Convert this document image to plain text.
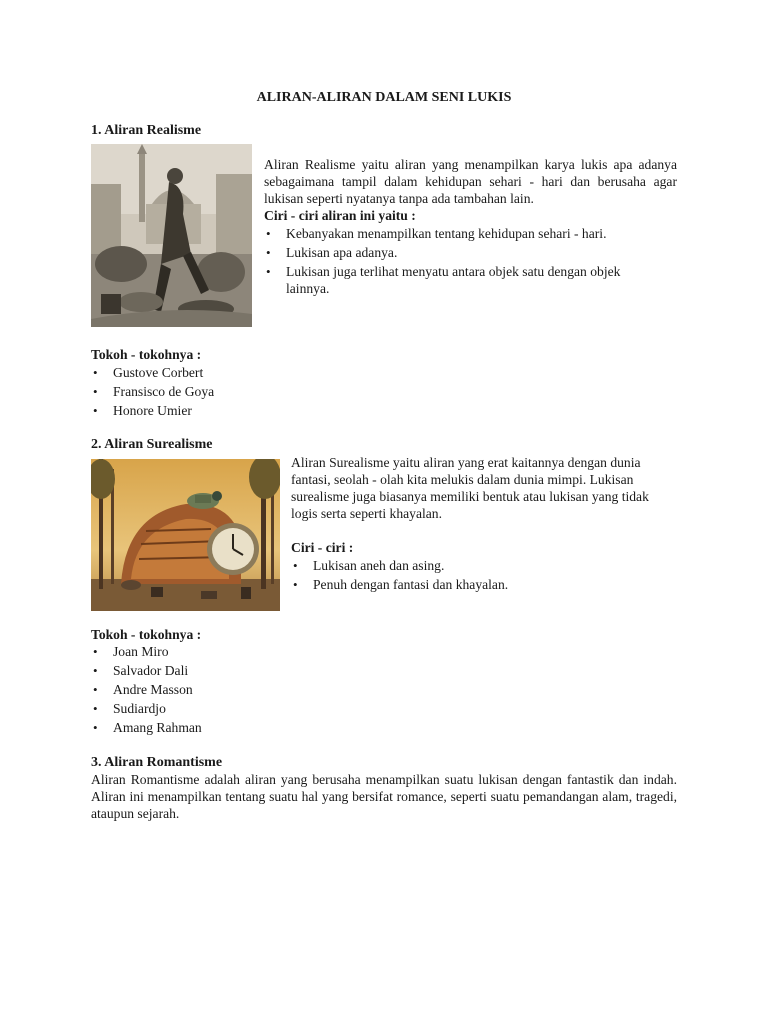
ALIRAN-ALIRAN DALAM SENI LUKIS
1. Aliran Realisme

Aliran Realisme yaitu aliran yang menampilkan karya lukis apa adanya sebagaimana tampil dalam kehidupan sehari - hari dan berusaha agar lukisan seperti nyatanya tanpa ada tambahan lain.

Ciri - ciri aliran ini yaitu :
• Kebanyakan menampilkan tentang kehidupan sehari - hari.
• Lukisan apa adanya.
• Lukisan juga terlihat menyatu antara objek satu dengan objek lainnya.
Tokoh - tokohnya :
• Gustove Corbert
• Fransisco de Goya
• Honore Umier
2. Aliran Surealisme

Aliran Surealisme yaitu aliran yang erat kaitannya dengan dunia fantasi, seolah - olah kita melukis dalam dunia mimpi. Lukisan surealisme juga biasanya memiliki bentuk atau lukisan yang tidak logis serta seperti khayalan.

Ciri - ciri :
• Lukisan aneh dan asing.
• Penuh dengan fantasi dan khayalan.
Tokoh - tokohnya :
• Joan Miro
• Salvador Dali
• Andre Masson
• Sudiardjo
• Amang Rahman
3. Aliran Romantisme

Aliran Romantisme adalah aliran yang berusaha menampilkan suatu lukisan dengan fantastik dan indah. Aliran ini menampilkan tentang suatu hal yang bersifat romance, seperti suatu pemandangan alam, tragedi, ataupun sejarah.
